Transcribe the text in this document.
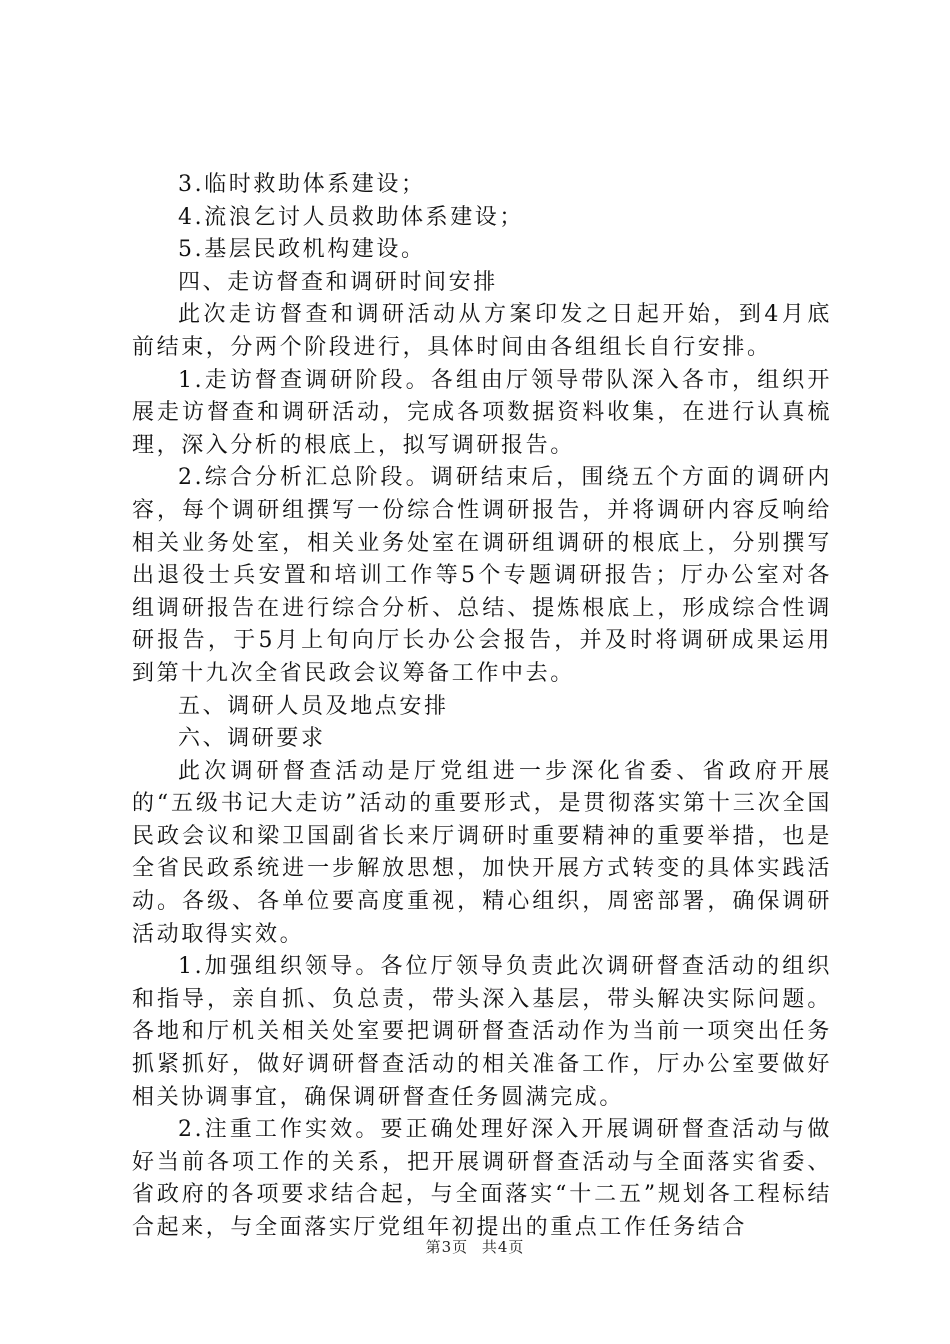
3.临时救助体系建设；

4.流浪乞讨人员救助体系建设；

5.基层民政机构建设。

四、走访督查和调研时间安排

此次走访督查和调研活动从方案印发之日起开始，到4月底前结束，分两个阶段进行，具体时间由各组组长自行安排。

1.走访督查调研阶段。各组由厅领导带队深入各市，组织开展走访督查和调研活动，完成各项数据资料收集，在进行认真梳理，深入分析的根底上，拟写调研报告。

2.综合分析汇总阶段。调研结束后，围绕五个方面的调研内容，每个调研组撰写一份综合性调研报告，并将调研内容反响给相关业务处室，相关业务处室在调研组调研的根底上，分别撰写出退役士兵安置和培训工作等5个专题调研报告；厅办公室对各组调研报告在进行综合分析、总结、提炼根底上，形成综合性调研报告，于5月上旬向厅长办公会报告，并及时将调研成果运用到第十九次全省民政会议筹备工作中去。

五、调研人员及地点安排

六、调研要求

此次调研督查活动是厅党组进一步深化省委、省政府开展的“五级书记大走访”活动的重要形式，是贯彻落实第十三次全国民政会议和梁卫国副省长来厅调研时重要精神的重要举措，也是全省民政系统进一步解放思想，加快开展方式转变的具体实践活动。各级、各单位要高度重视，精心组织，周密部署，确保调研活动取得实效。

1.加强组织领导。各位厅领导负责此次调研督查活动的组织和指导，亲自抓、负总责，带头深入基层，带头解决实际问题。各地和厅机关相关处室要把调研督查活动作为当前一项突出任务抓紧抓好，做好调研督查活动的相关准备工作，厅办公室要做好相关协调事宜，确保调研督查任务圆满完成。

2.注重工作实效。要正确处理好深入开展调研督查活动与做好当前各项工作的关系，把开展调研督查活动与全面落实省委、省政府的各项要求结合起，与全面落实“十二五”规划各工程标结合起来，与全面落实厅党组年初提出的重点工作任务结合

第3页 共4页
